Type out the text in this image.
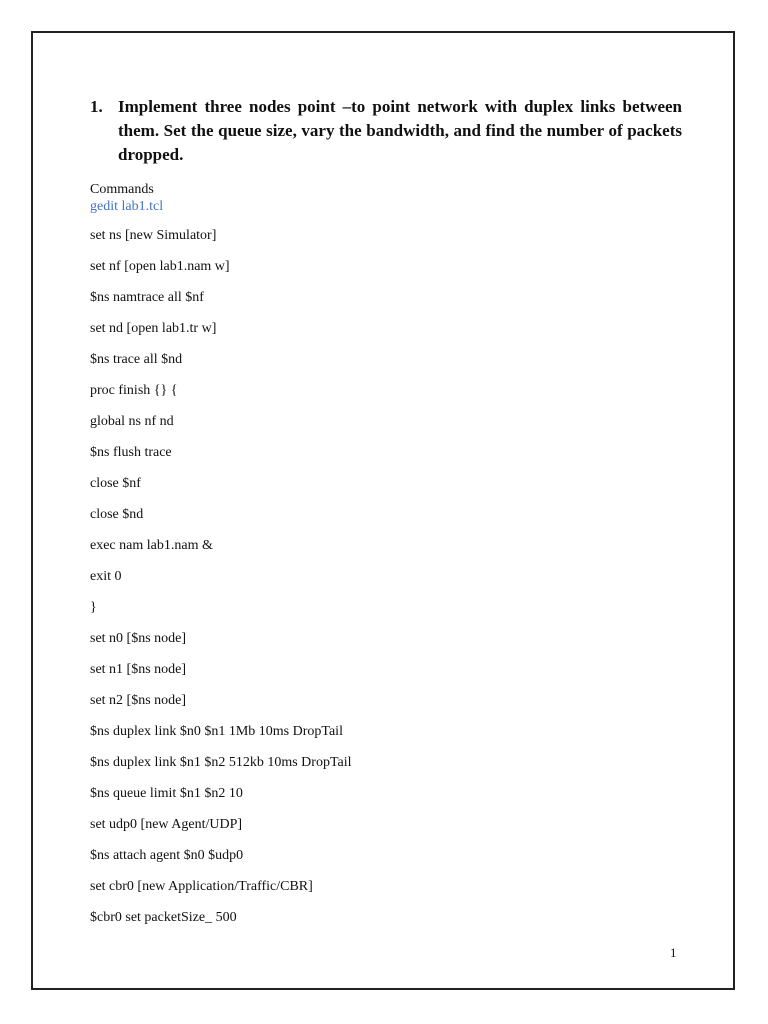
1. Implement three nodes point –to point network with duplex links between them. Set the queue size, vary the bandwidth, and find the number of packets dropped.
Commands
gedit lab1.tcl
set ns [new Simulator]
set nf [open lab1.nam w]
$ns namtrace all $nf
set nd [open lab1.tr w]
$ns trace all $nd
proc finish {} {
global ns nf nd
$ns flush trace
close $nf
close $nd
exec nam lab1.nam &
exit 0
}
set n0 [$ns node]
set n1 [$ns node]
set n2 [$ns node]
$ns duplex link $n0 $n1 1Mb 10ms DropTail
$ns duplex link $n1 $n2 512kb 10ms DropTail
$ns queue limit $n1 $n2 10
set udp0 [new Agent/UDP]
$ns attach agent $n0 $udp0
set cbr0 [new Application/Traffic/CBR]
$cbr0 set packetSize_ 500
1
